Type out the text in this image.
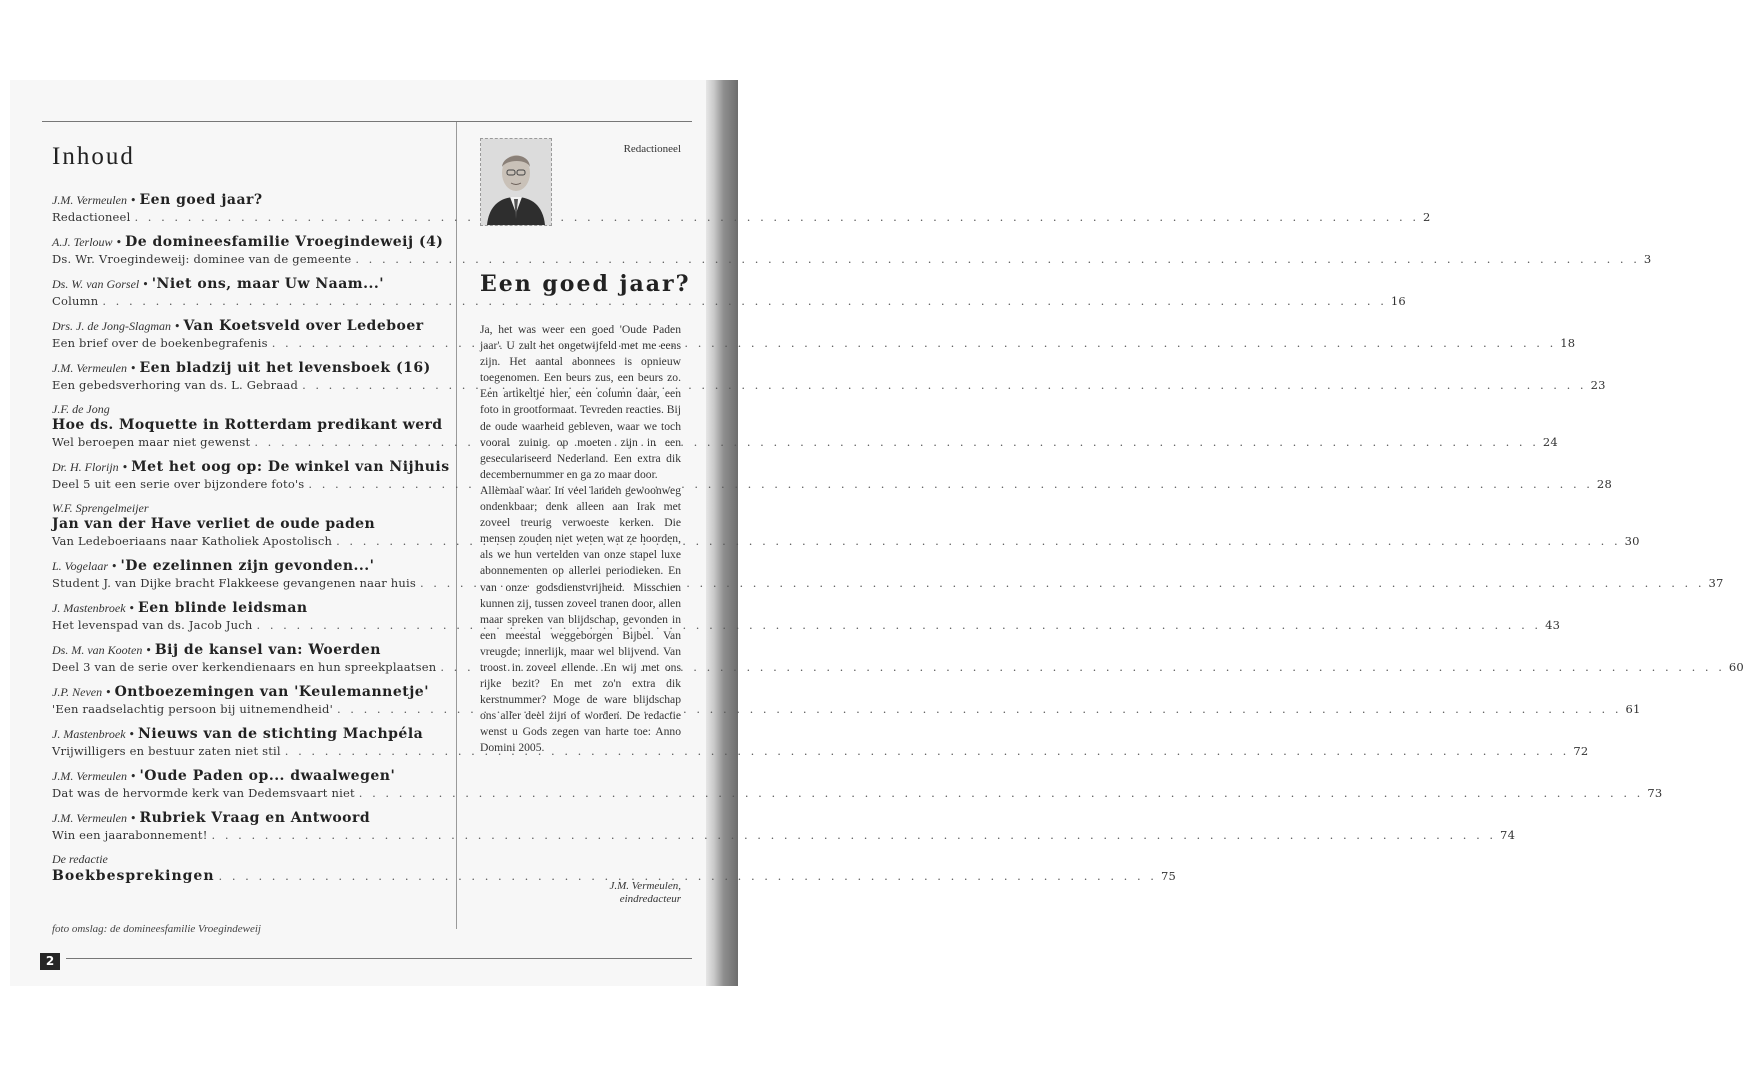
2
Inhoud
J.M. Vermeulen • Een goed jaar?
Redactioneel . . .	2
A.J. Terlouw • De domineesfamilie Vroegindeweij (4)
Ds. Wr. Vroegindeweij: dominee van de gemeente . . .	3
Ds. W. van Gorsel • 'Niet ons, maar Uw Naam...'
Column . . .	16
Drs. J. de Jong-Slagman • Van Koetsveld over Ledeboer
Een brief over de boekenbegrafenis . . .	18
J.M. Vermeulen • Een bladzij uit het levensboek (16)
Een gebedsverhoring van ds. L. Gebraad . . .	23
J.F. de Jong
Hoe ds. Moquette in Rotterdam predikant werd
Wel beroepen maar niet gewenst . . .	24
Dr. H. Florijn • Met het oog op: De winkel van Nijhuis
Deel 5 uit een serie over bijzondere foto's . . .	28
W.F. Sprengelmeijer
Jan van der Have verliet de oude paden
Van Ledeboeriaans naar Katholiek Apostolisch . . .	30
L. Vogelaar • 'De ezelinnen zijn gevonden...'
Student J. van Dijke bracht Flakkeese gevangenen naar huis . . .	37
J. Mastenbroek • Een blinde leidsman
Het levenspad van ds. Jacob Juch . . .	43
Ds. M. van Kooten • Bij de kansel van: Woerden
Deel 3 van de serie over kerkendienaars en hun spreekplaatsen . . .	60
J.P. Neven • Ontboezemingen van 'Keulemannetje'
'Een raadselachtig persoon bij uitnemendheid' . . .	61
J. Mastenbroek • Nieuws van de stichting Machpéla
Vrijwilligers en bestuur zaten niet stil . . .	72
J.M. Vermeulen • 'Oude Paden op... dwaalwegen'
Dat was de hervormde kerk van Dedemsvaart niet . . .	73
J.M. Vermeulen • Rubriek Vraag en Antwoord
Win een jaarabonnement! . . .	74
De redactie
Boekbesprekingen . . .	75
foto omslag: de domineesfamilie Vroegindeweij
Redactioneel
Een goed jaar?

Ja, het was weer een goed 'Oude Paden jaar'. U zult het ongetwijfeld met me eens zijn. Het aantal abonnees is opnieuw toegenomen. Een beurs zus, een beurs zo. Een artikeltje hier, een column daar, een foto in grootformaat. Tevreden reacties. Bij de oude waarheid gebleven, waar we toch vooral zuinig op moeten zijn in een geseculariseerd Nederland. Een extra dik decembernummer en ga zo maar door.

Allemaal waar. In veel landen gewoonweg ondenkbaar; denk alleen aan Irak met zoveel treurig verwoeste kerken. Die mensen zouden niet weten wat ze hoorden, als we hun vertelden van onze stapel luxe abonnementen op allerlei periodieken. En van onze godsdienstvrijheid. Misschien kunnen zij, tussen zoveel tranen door, allen maar spreken van blijdschap, gevonden in een meestal weggeborgen Bijbel. Van vreugde; innerlijk, maar wel blijvend. Van troost in zoveel ellende. En wij met ons rijke bezit? En met zo'n extra dik kerstnummer? Moge de ware blijdschap ons aller deel zijn of worden. De redactie wenst u Gods zegen van harte toe: Anno Domini 2005.

J.M. Vermeulen,
eindredacteur
